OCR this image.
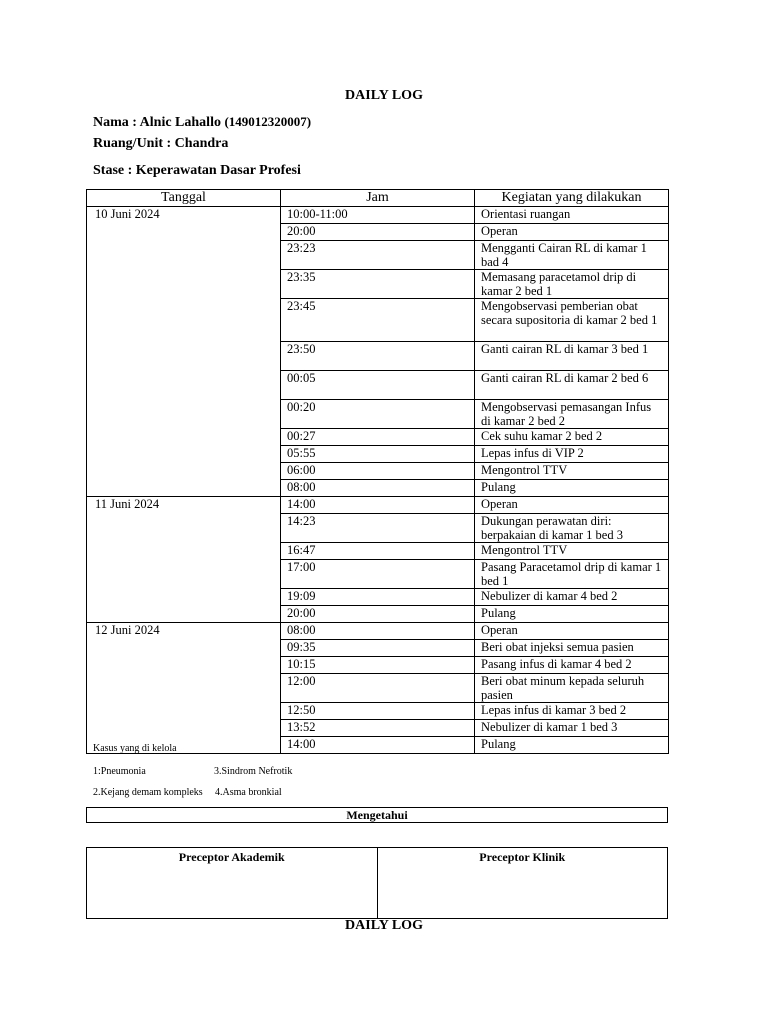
DAILY LOG
Nama : Alnic Lahallo (149012320007)
Ruang/Unit : Chandra
Stase : Keperawatan Dasar Profesi
Tanggal	Jam	Kegiatan yang dilakukan
10 Juni 2024	10:00-11:00	Orientasi ruangan
	20:00	Operan
	23:23	Mengganti Cairan RL di kamar 1 bad 4
	23:35	Memasang paracetamol drip di kamar 2 bed 1
	23:45	Mengobservasi pemberian obat secara supositoria di kamar 2 bed 1
	23:50	Ganti cairan RL di kamar 3 bed 1
	00:05	Ganti cairan RL di kamar 2 bed 6
	00:20	Mengobservasi pemasangan Infus di kamar 2 bed 2
	00:27	Cek suhu kamar 2 bed 2
	05:55	Lepas infus di VIP 2
	06:00	Mengontrol TTV
	08:00	Pulang
11 Juni 2024	14:00	Operan
	14:23	Dukungan perawatan diri: berpakaian di kamar 1 bed 3
	16:47	Mengontrol TTV
	17:00	Pasang Paracetamol drip di kamar 1 bed 1
	19:09	Nebulizer di kamar 4 bed 2
	20:00	Pulang
12 Juni 2024	08:00	Operan
	09:35	Beri obat injeksi semua pasien
	10:15	Pasang infus di kamar 4 bed 2
	12:00	Beri obat minum kepada seluruh pasien
	12:50	Lepas infus di kamar 3 bed 2
	13:52	Nebulizer di kamar 1 bed 3
	14:00	Pulang
Kasus yang di kelola
1:Pneumonia	3.Sindrom Nefrotik
2.Kejang demam kompleks 4.Asma bronkial
Mengetahui
Preceptor Akademik	Preceptor Klinik
DAILY LOG
